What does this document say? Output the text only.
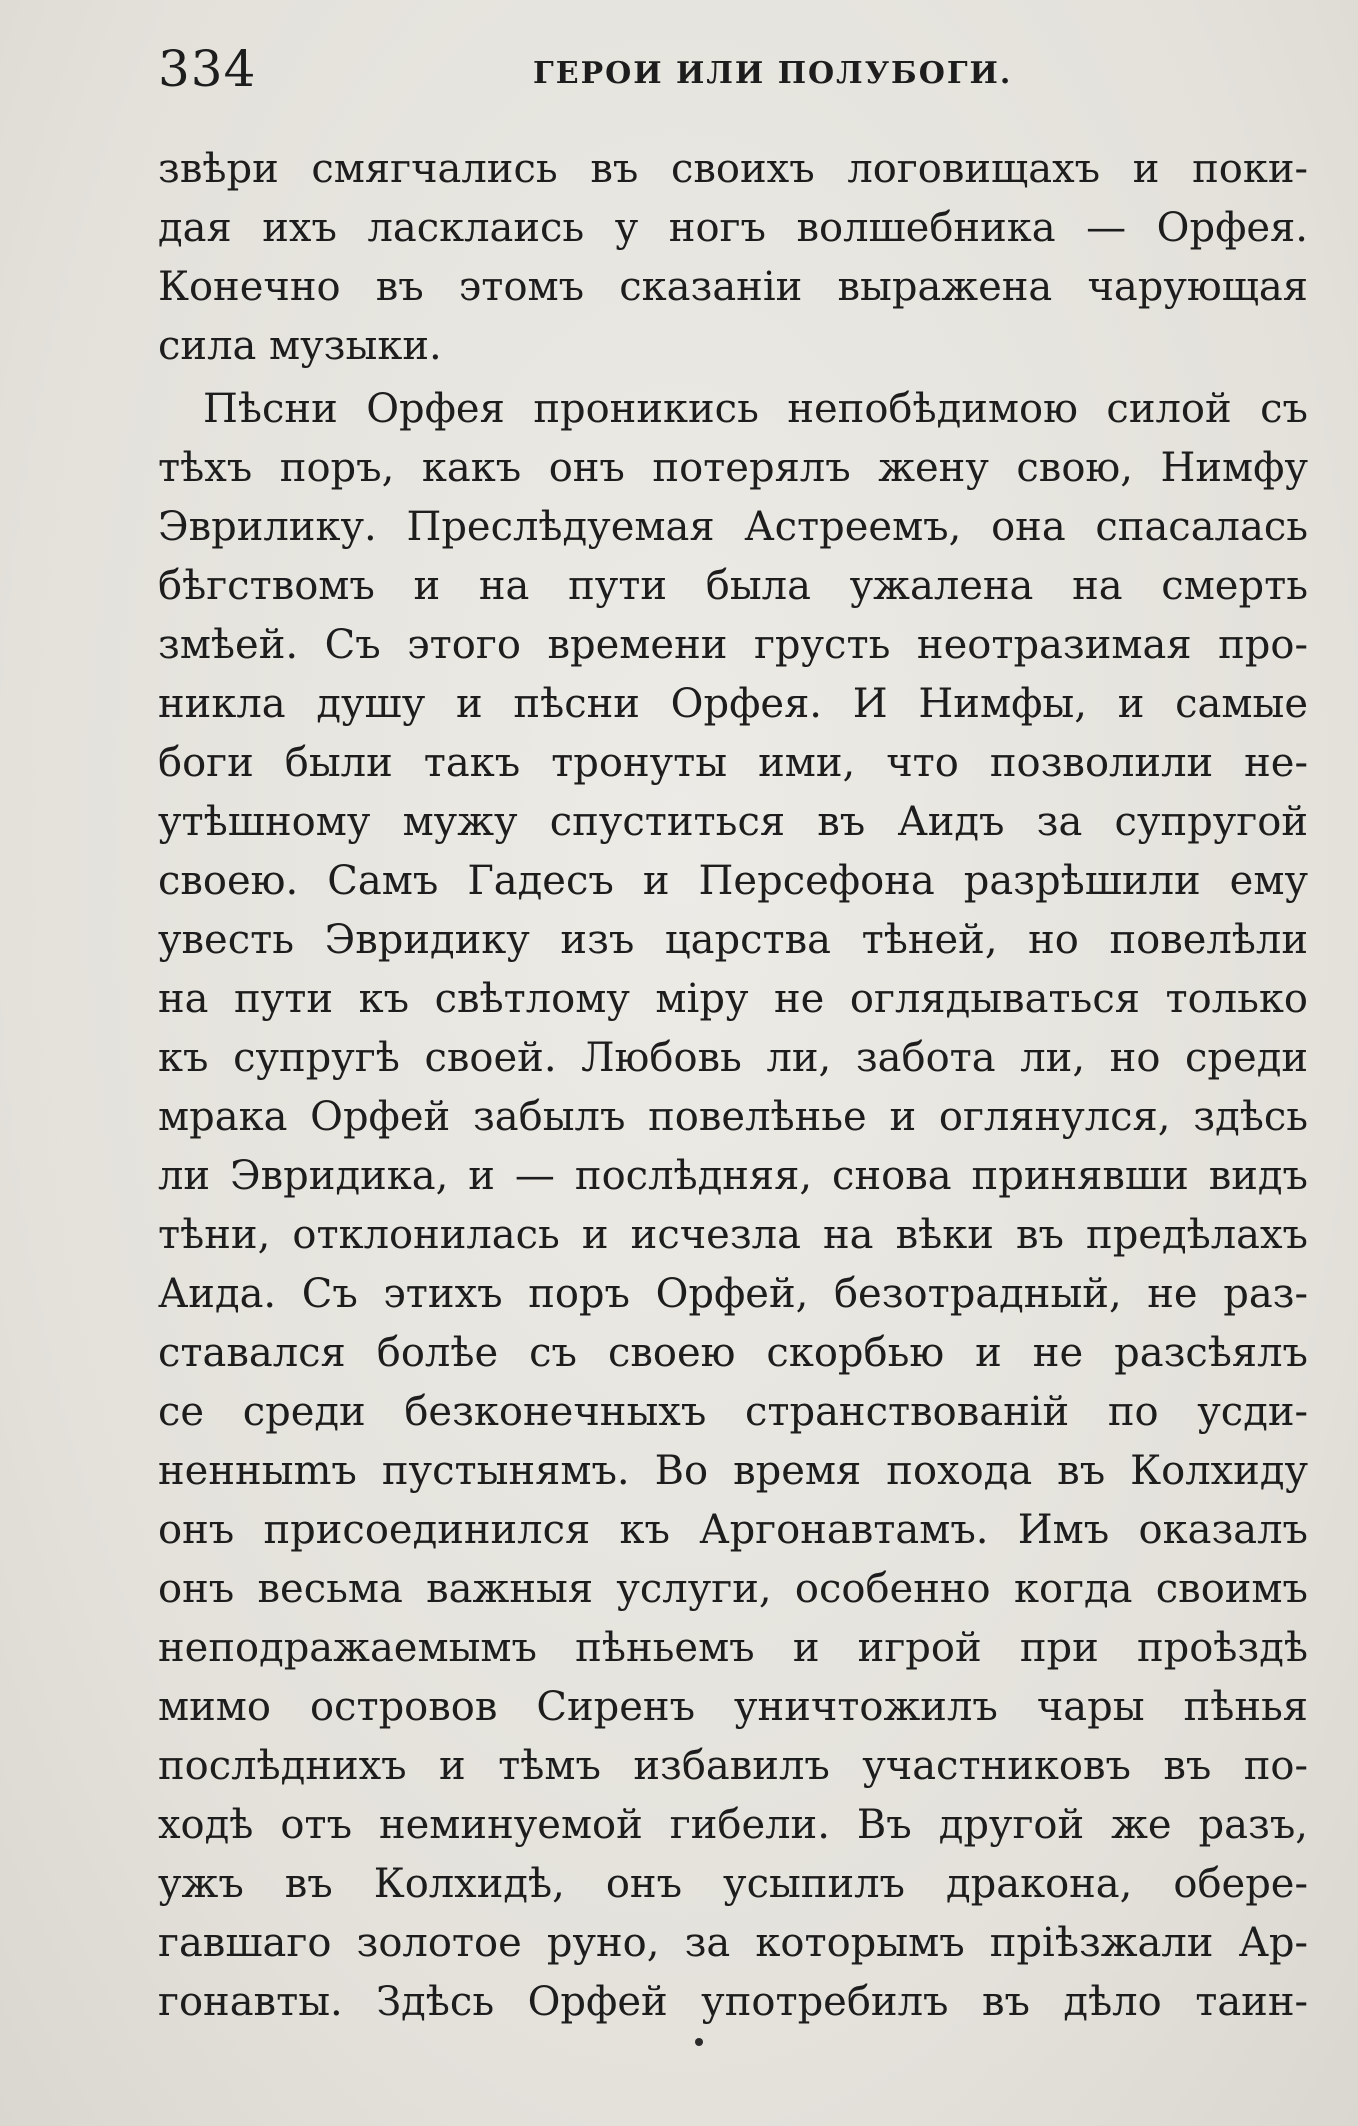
334	ГЕРОИ ИЛИ ПОЛУБОГИ.
звѣри смягчались въ своихъ логовищахъ и поки-
дая ихъ ласклаись у ногъ волшебника — Орфея.
Конечно въ этомъ сказанiи выражена чарующая
сила музыки.
Пѣсни Орфея проникись непобѣдимою силой съ
тѣхъ поръ, какъ онъ потерялъ жену свою, Нимфу
Эврилику. Преслѣдуемая Астреемъ, она спасалась
бѣгствомъ и на пути была ужалена на смерть
змѣей. Съ этого времени грусть неотразимая про-
никла душу и пѣсни Орфея. И Нимфы, и самые
боги были такъ тронуты ими, что позволили не-
утѣшному мужу спуститься въ Аидъ за супругой
своею. Самъ Гадесъ и Персефона разрѣшили ему
увесть Эвридику изъ царства тѣней, но повелѣли
на пути къ свѣтлому мiру не оглядываться только
къ супругѣ своей. Любовь ли, забота ли, но среди
мрака Орфей забылъ повелѣнье и оглянулся, здѣсь
ли Эвридика, и — послѣдняя, снова принявши видъ
тѣни, отклонилась и исчезла на вѣки въ предѣлахъ
Аида. Съ этихъ поръ Орфей, безотрадный, не раз-
ставался болѣе съ своею скорбью и не разсѣялъ
се среди безконечныхъ странствованiй по усди-
ненныmъ пустынямъ. Во время похода въ Колхиду
онъ присоединился къ Аргонавтамъ. Имъ оказалъ
онъ весьма важныя услуги, особенно когда своимъ
неподражаемымъ пѣньемъ и игрой при проѣздѣ
мимо островов Сиренъ уничтожилъ чары пѣнья
послѣднихъ и тѣмъ избавилъ участниковъ въ по-
ходѣ отъ неминуемой гибели. Въ другой же разъ,
ужъ въ Колхидѣ, онъ усыпилъ дракона, обере-
гавшаго золотое руно, за которымъ прiѣзжали Ар-
гонавты. Здѣсь Орфей употребилъ въ дѣло таин-
